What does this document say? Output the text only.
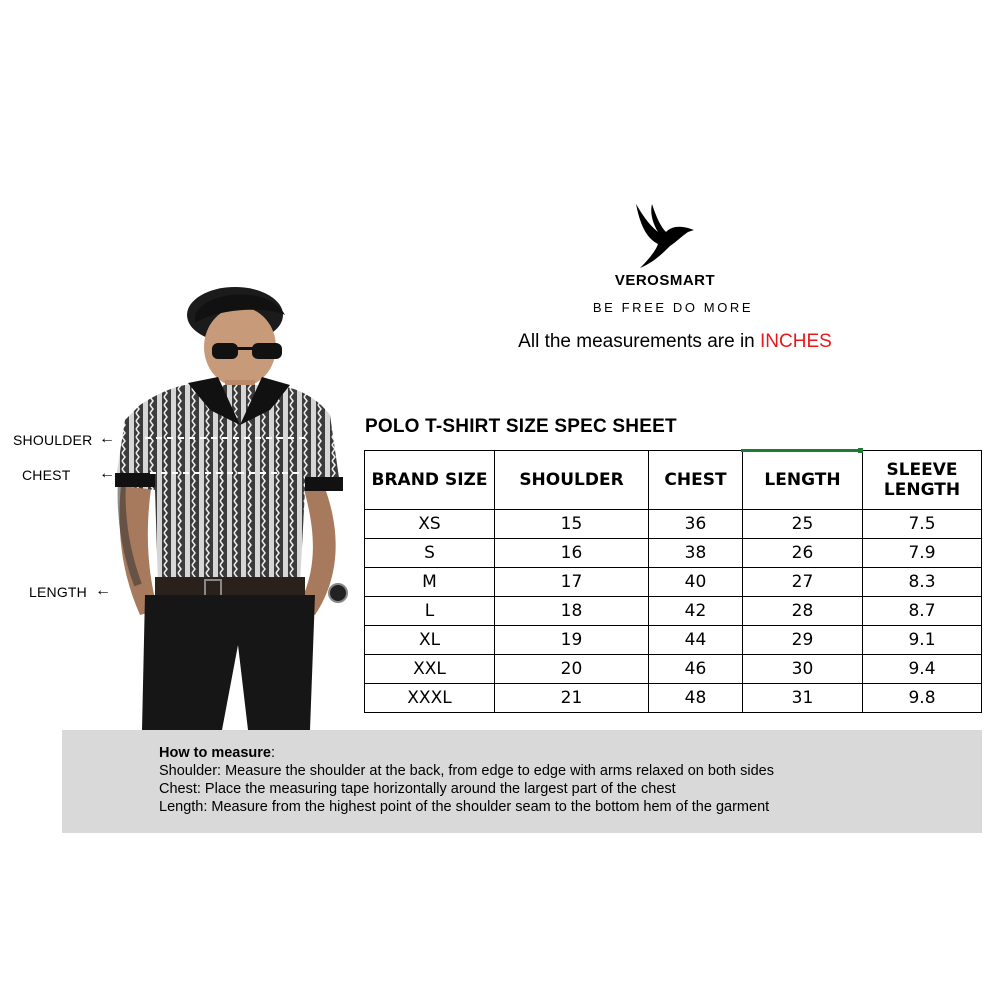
VEROSMART
BE FREE DO MORE
All the measurements are in INCHES
SHOULDER ←
CHEST ←
LENGTH ←
POLO T-SHIRT SIZE SPEC SHEET
BRAND SIZE	SHOULDER	CHEST	LENGTH	SLEEVE LENGTH
XS	15	36	25	7.5
S	16	38	26	7.9
M	17	40	27	8.3
L	18	42	28	8.7
XL	19	44	29	9.1
XXL	20	46	30	9.4
XXXL	21	48	31	9.8
How to measure:
Shoulder: Measure the shoulder at the back, from edge to edge with arms relaxed on both sides
Chest: Place the measuring tape horizontally around the largest part of the chest
Length: Measure from the highest point of the shoulder seam to the bottom hem of the garment
